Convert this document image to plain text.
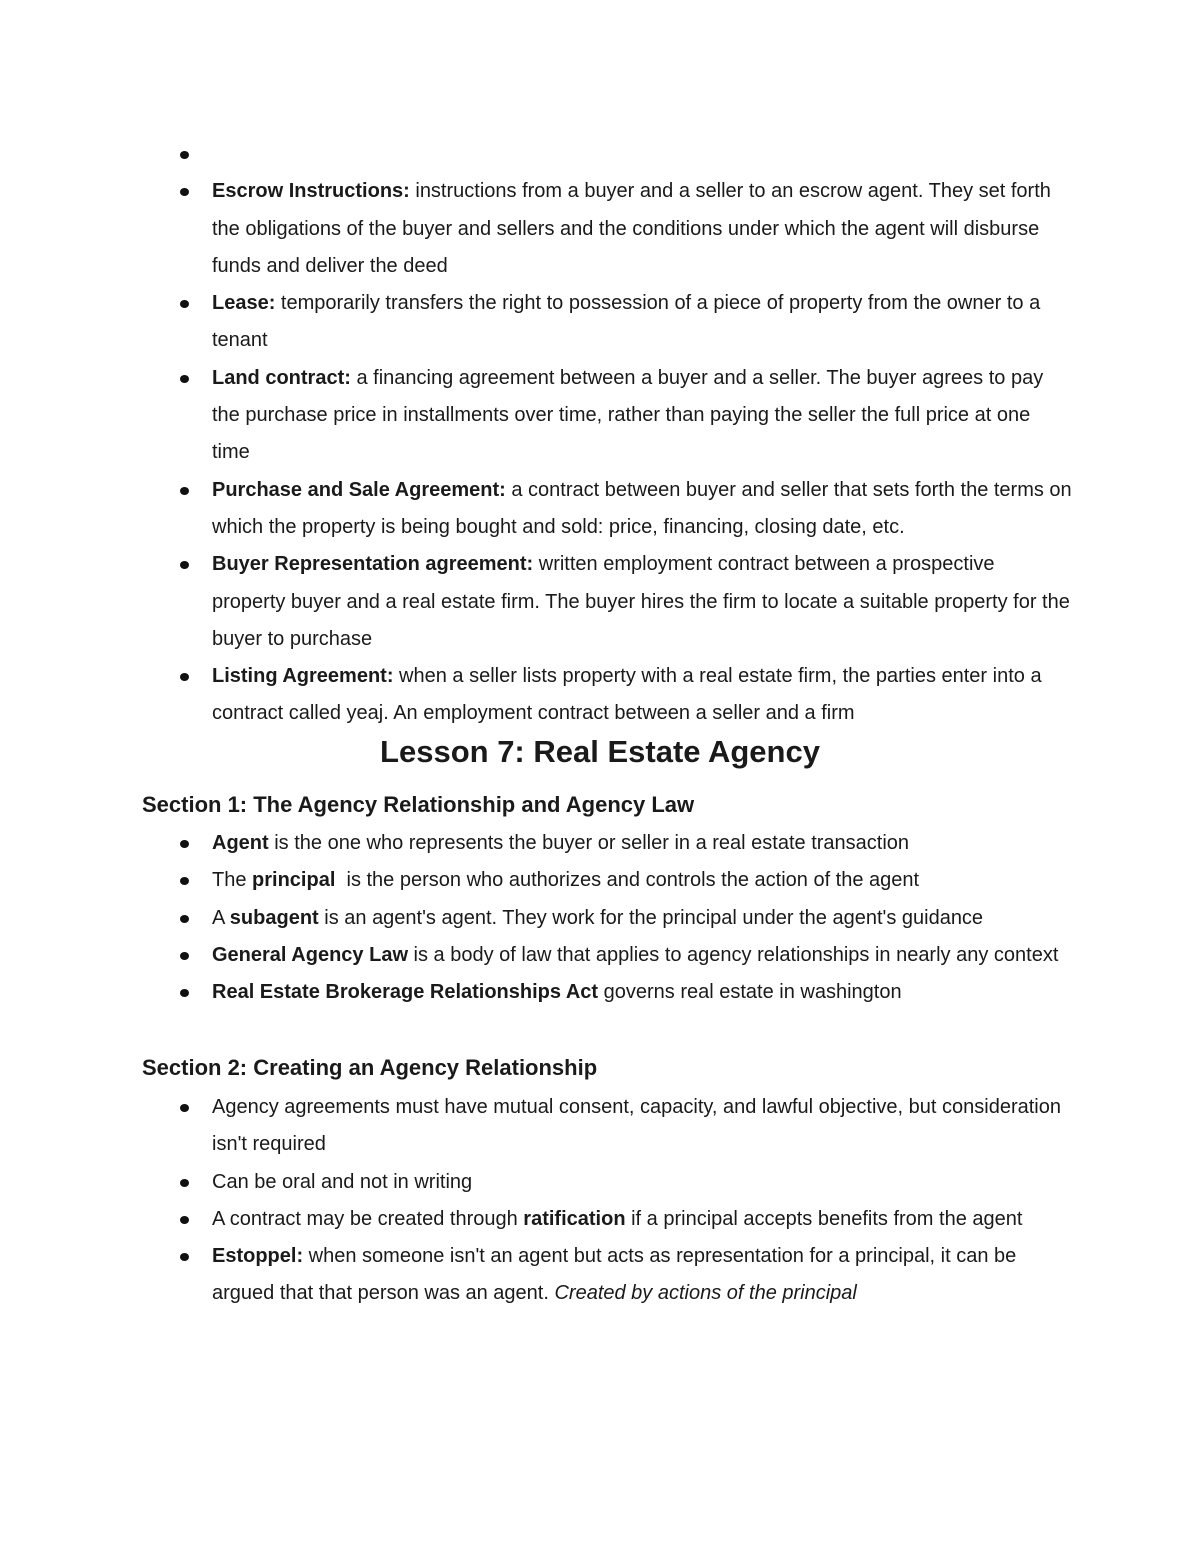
Escrow Instructions: instructions from a buyer and a seller to an escrow agent. They set forth the obligations of the buyer and sellers and the conditions under which the agent will disburse funds and deliver the deed
Lease: temporarily transfers the right to possession of a piece of property from the owner to a tenant
Land contract: a financing agreement between a buyer and a seller. The buyer agrees to pay the purchase price in installments over time, rather than paying the seller the full price at one time
Purchase and Sale Agreement: a contract between buyer and seller that sets forth the terms on which the property is being bought and sold: price, financing, closing date, etc.
Buyer Representation agreement: written employment contract between a prospective property buyer and a real estate firm. The buyer hires the firm to locate a suitable property for the buyer to purchase
Listing Agreement: when a seller lists property with a real estate firm, the parties enter into a contract called yeaj. An employment contract between a seller and a firm
Lesson 7: Real Estate Agency
Section 1: The Agency Relationship and Agency Law
Agent is the one who represents the buyer or seller in a real estate transaction
The principal  is the person who authorizes and controls the action of the agent
A subagent is an agent's agent. They work for the principal under the agent's guidance
General Agency Law is a body of law that applies to agency relationships in nearly any context
Real Estate Brokerage Relationships Act governs real estate in washington
Section 2: Creating an Agency Relationship
Agency agreements must have mutual consent, capacity, and lawful objective, but consideration isn't required
Can be oral and not in writing
A contract may be created through ratification if a principal accepts benefits from the agent
Estoppel: when someone isn't an agent but acts as representation for a principal, it can be argued that that person was an agent. Created by actions of the principal
